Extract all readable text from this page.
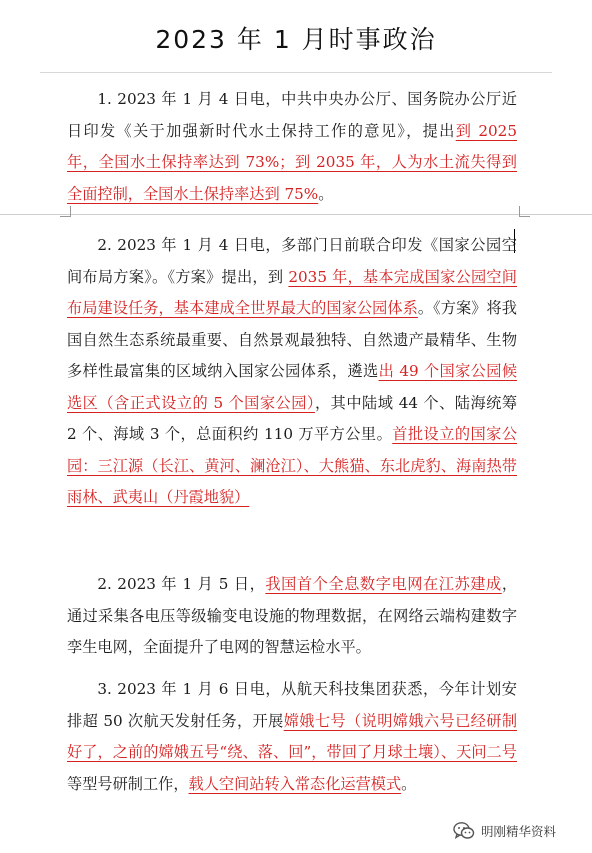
2023 年 1 月时事政治

1. 2023 年 1 月 4 日电，中共中央办公厅、国务院办公厅近日印发《关于加强新时代水土保持工作的意见》，提出到 2025 年，全国水土保持率达到 73%；到 2035 年，人为水土流失得到全面控制，全国水土保持率达到 75%。

2. 2023 年 1 月 4 日电，多部门日前联合印发《国家公园空间布局方案》。《方案》提出，到 2035 年，基本完成国家公园空间布局建设任务，基本建成全世界最大的国家公园体系。《方案》将我国自然生态系统最重要、自然景观最独特、自然遗产最精华、生物多样性最富集的区域纳入国家公园体系，遴选出 49 个国家公园候选区（含正式设立的 5 个国家公园），其中陆域 44 个、陆海统筹 2 个、海域 3 个，总面积约 110 万平方公里。首批设立的国家公园：三江源（长江、黄河、澜沧江）、大熊猫、东北虎豹、海南热带雨林、武夷山（丹霞地貌）

2. 2023 年 1 月 5 日，我国首个全息数字电网在江苏建成，通过采集各电压等级输变电设施的物理数据，在网络云端构建数字孪生电网，全面提升了电网的智慧运检水平。

3. 2023 年 1 月 6 日电，从航天科技集团获悉，今年计划安排超 50 次航天发射任务，开展嫦娥七号（说明嫦娥六号已经研制好了，之前的嫦娥五号“绕、落、回”，带回了月球土壤）、天问二号等型号研制工作，载人空间站转入常态化运营模式。

明刚精华资料
